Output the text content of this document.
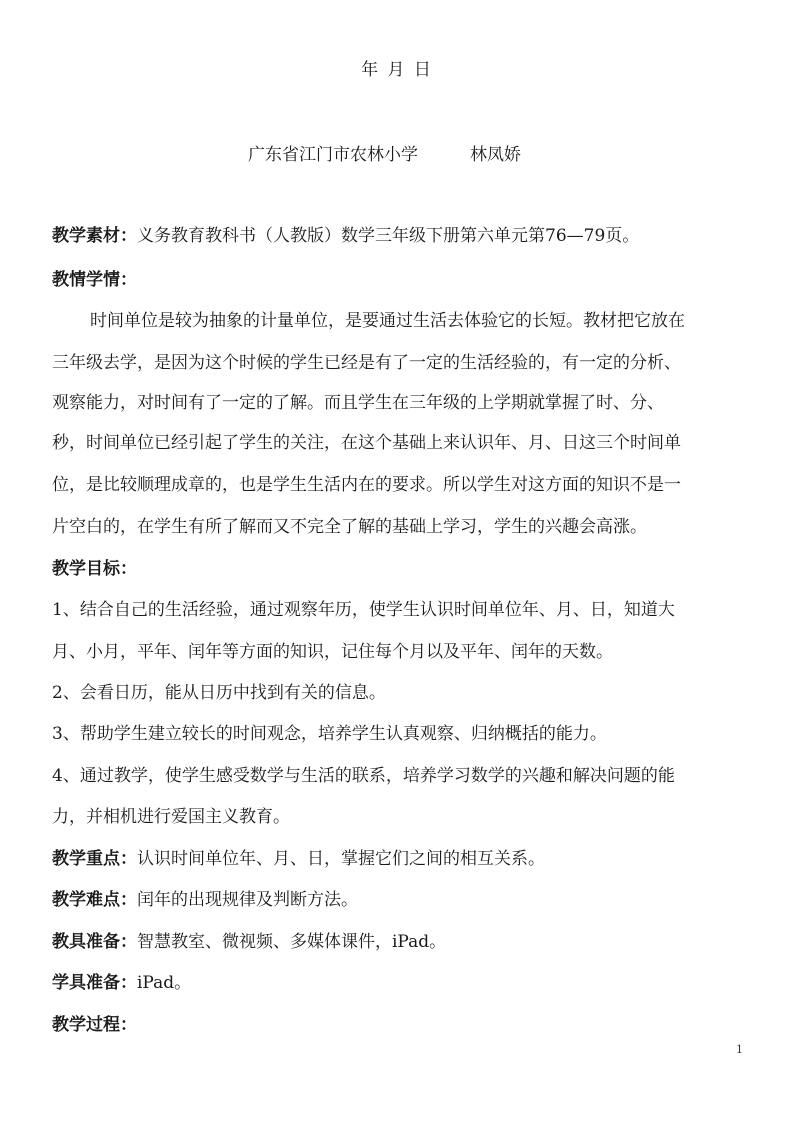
年 月 日
广东省江门市农林小学	林凤娇
教学素材：义务教育教科书（人教版）数学三年级下册第六单元第76—79页。
教情学情：
时间单位是较为抽象的计量单位，是要通过生活去体验它的长短。教材把它放在
三年级去学，是因为这个时候的学生已经是有了一定的生活经验的，有一定的分析、
观察能力，对时间有了一定的了解。而且学生在三年级的上学期就掌握了时、分、
秒，时间单位已经引起了学生的关注，在这个基础上来认识年、月、日这三个时间单
位，是比较顺理成章的，也是学生生活内在的要求。所以学生对这方面的知识不是一
片空白的，在学生有所了解而又不完全了解的基础上学习，学生的兴趣会高涨。
教学目标：
1、结合自己的生活经验，通过观察年历，使学生认识时间单位年、月、日，知道大
月、小月，平年、闰年等方面的知识，记住每个月以及平年、闰年的天数。
2、会看日历，能从日历中找到有关的信息。
3、帮助学生建立较长的时间观念，培养学生认真观察、归纳概括的能力。
4、通过教学，使学生感受数学与生活的联系，培养学习数学的兴趣和解决问题的能
力，并相机进行爱国主义教育。
教学重点：认识时间单位年、月、日，掌握它们之间的相互关系。
教学难点：闰年的出现规律及判断方法。
教具准备：智慧教室、微视频、多媒体课件，iPad。
学具准备：iPad。
教学过程：
1
